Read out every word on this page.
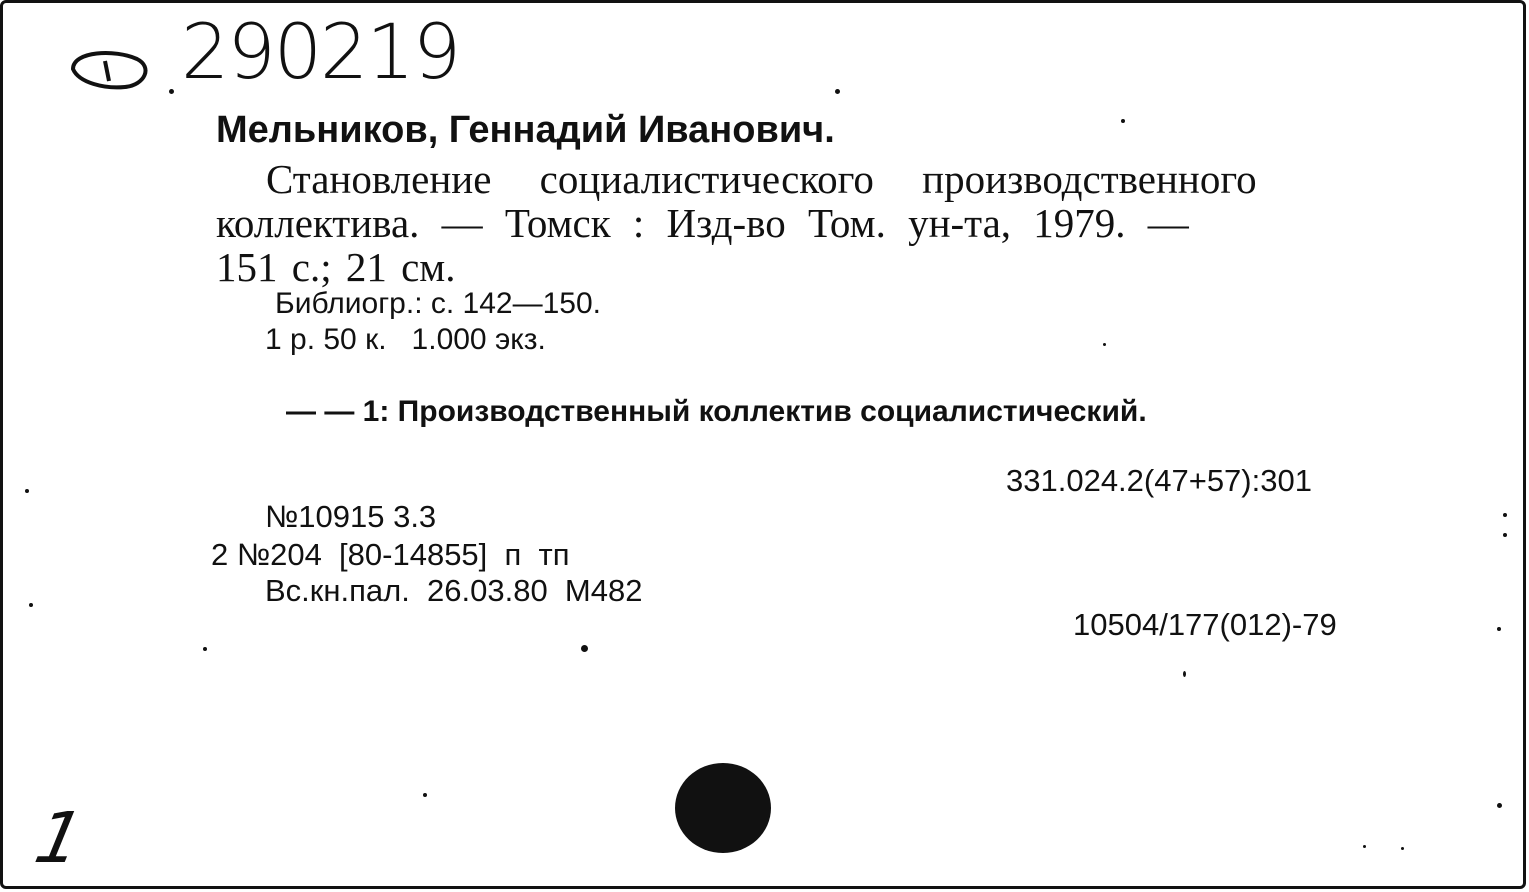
290219
Мельников, Геннадий Иванович.
Становление социалистического производственного
коллектива. — Томск : Изд-во Том. ун-та, 1979. —
151 с.; 21 см.
Библиогр.: с. 142—150.
1 р. 50 к.   1.000 экз.
— — 1: Производственный коллектив социалистический.
331.024.2(47+57):301
№10915 3.3
2 №204  [80-14855]  п  тп
Вс.кн.пал.  26.03.80  М482
10504/177(012)-79
1
